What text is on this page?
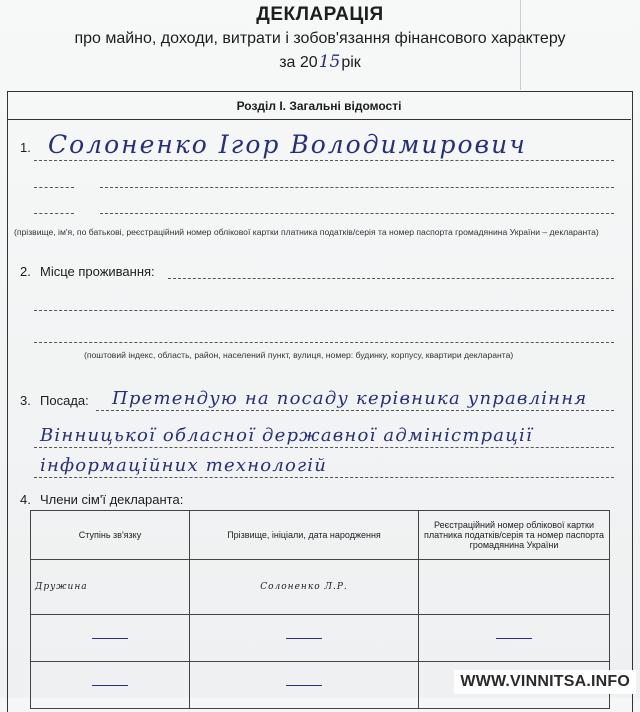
ДЕКЛАРАЦІЯ
про майно, доходи, витрати і зобов'язання фінансового характеру
за 2015рік
Розділ I. Загальні відомості
1. Солоненко Ігор Володимирович
(прізвище, ім'я, по батькові, реєстраційний номер облікової картки платника податків/серія та номер паспорта громадянина України – декларанта)
2. Місце проживання:
(поштовий індекс, область, район, населений пункт, вулиця, номер: будинку, корпусу, квартири декларанта)
3. Посада: Претендую на посаду керівника управління
Вінницької обласної державної адміністрації
інформаційних технологій
4. Члени сім'ї декларанта:
Ступінь зв'язку	Прізвище, ініціали, дата народження	Реєстраційний номер облікової картки платника податків/серія та номер паспорта громадянина України
Дружина	Солоненко Л.Р.	

WWW.VINNITSA.INFO
